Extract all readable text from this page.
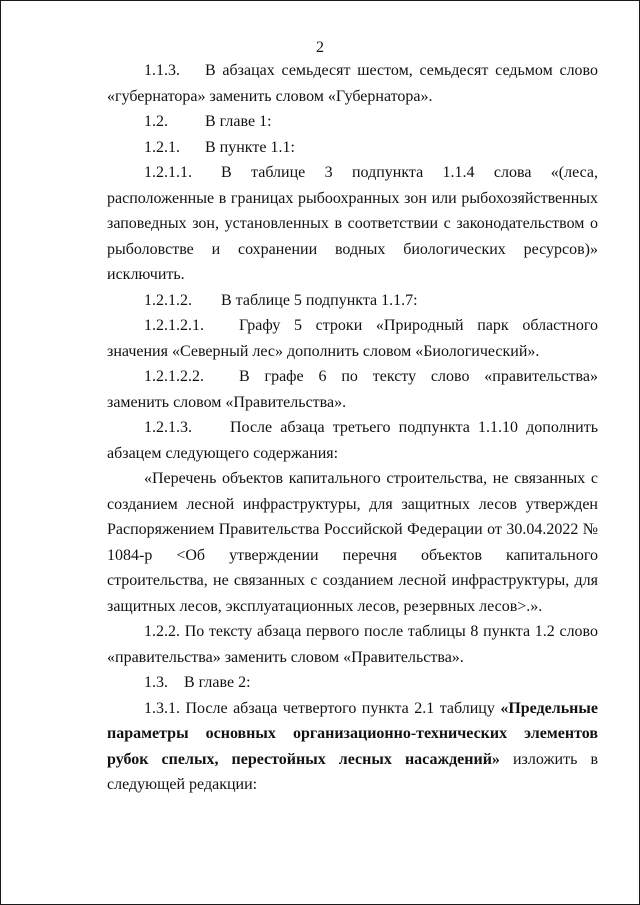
2

1.1.3. В абзацах семьдесят шестом, семьдесят седьмом слово «губернатора» заменить словом «Губернатора».

1.2. В главе 1:

1.2.1. В пункте 1.1:

1.2.1.1. В таблице 3 подпункта 1.1.4 слова «(леса, расположенные в границах рыбоохранных зон или рыбохозяйственных заповедных зон, установленных в соответствии с законодательством о рыболовстве и сохранении водных биологических ресурсов)» исключить.

1.2.1.2. В таблице 5 подпункта 1.1.7:

1.2.1.2.1. Графу 5 строки «Природный парк областного значения «Северный лес» дополнить словом «Биологический».

1.2.1.2.2. В графе 6 по тексту слово «правительства» заменить словом «Правительства».

1.2.1.3. После абзаца третьего подпункта 1.1.10 дополнить абзацем следующего содержания:

«Перечень объектов капитального строительства, не связанных с созданием лесной инфраструктуры, для защитных лесов утвержден Распоряжением Правительства Российской Федерации от 30.04.2022 № 1084-р <Об утверждении перечня объектов капитального строительства, не связанных с созданием лесной инфраструктуры, для защитных лесов, эксплуатационных лесов, резервных лесов>.».

1.2.2. По тексту абзаца первого после таблицы 8 пункта 1.2 слово «правительства» заменить словом «Правительства».

1.3. В главе 2:

1.3.1. После абзаца четвертого пункта 2.1 таблицу «Предельные параметры основных организационно-технических элементов рубок спелых, перестойных лесных насаждений» изложить в следующей редакции:
